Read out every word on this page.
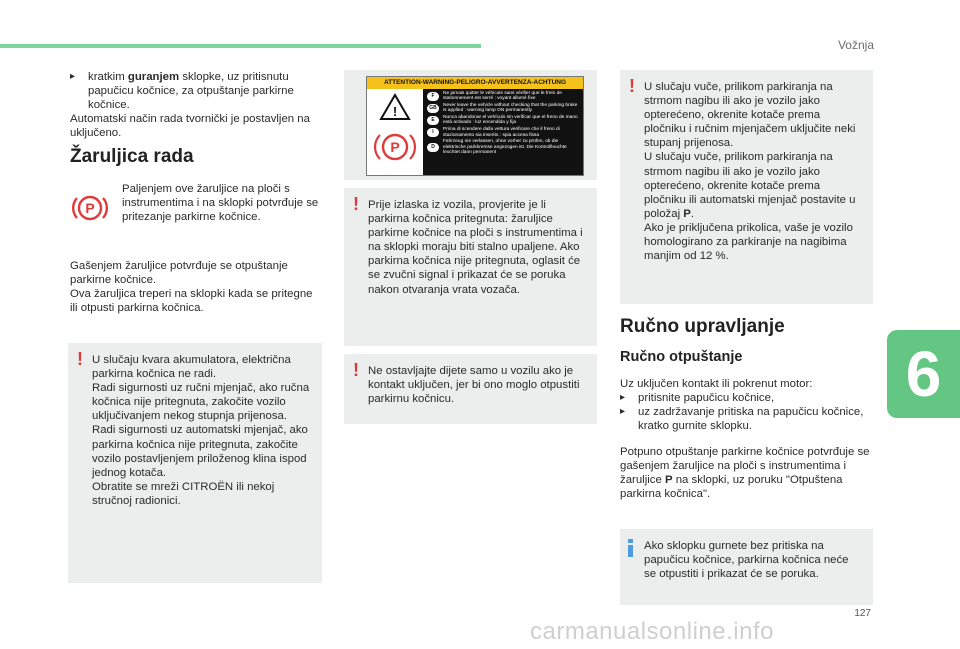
Vožnja
6
127
carmanualsonline.info
▸	kratkim guranjem sklopke, uz pritisnutu papučicu kočnice, za otpuštanje parkirne kočnice.

Automatski način rada tvornički je postavljen na uključeno.

Žaruljica rada
P
Paljenjem ove žaruljice na ploči s instrumentima i na sklopki potvrđuje se pritezanje parkirne kočnice.

Gašenjem žaruljice potvrđuje se otpuštanje parkirne kočnice.

Ova žaruljica treperi na sklopki kada se pritegne ili otpusti parkirna kočnica.

! U slučaju kvara akumulatora, električna parkirna kočnica ne radi.

Radi sigurnosti uz ručni mjenjač, ako ručna kočnica nije pritegnuta, zakočite vozilo uključivanjem nekog stupnja prijenosa.

Radi sigurnosti uz automatski mjenjač, ako parkirna kočnica nije pritegnuta, zakočite vozilo postavljenjem priloženog klina ispod jednog kotača.

Obratite se mreži CITROËN ili nekoj stručnoj radionici.

ATTENTION-WARNING-PELIGRO-AVVERTENZA-ACHTUNG
!
P
F	Ne jamais quitter le véhicule sans vérifier que le frein de stationnement est serré : voyant allumé fixe
GB	Never leave the vehicle without checking that the parking brake is applied : warning lamp ON permanently
E	Nunca abandonar el vehículo sin verificar que el freno de mano está activado : luz encendida y fija
I	Prima di scendere dalla vettura verificare che il freno di stazionamento sia inserito : spia accesa fissa
D
Fahrzeug nie verlassen, ohne vorher zu prüfen, ob die elektrische parkbremse angezogen ist. Die Kontrollleuchte leuchtet dann permanent
! Prije izlaska iz vozila, provjerite je li parkirna kočnica pritegnuta: žaruljice parkirne kočnice na ploči s instrumentima i na sklopki moraju biti stalno upaljene. Ako parkirna kočnica nije pritegnuta, oglasit će se zvučni signal i prikazat će se poruka nakon otvaranja vrata vozača.

! Ne ostavljajte dijete samo u vozilu ako je kontakt uključen, jer bi ono moglo otpustiti parkirnu kočnicu.

! U slučaju vuče, prilikom parkiranja na strmom nagibu ili ako je vozilo jako opterećeno, okrenite kotače prema pločniku i ručnim mjenjačem uključite neki stupanj prijenosa.

U slučaju vuče, prilikom parkiranja na strmom nagibu ili ako je vozilo jako opterećeno, okrenite kotače prema pločniku ili automatski mjenjač postavite u položaj P.

Ako je priključena prikolica, vaše je vozilo homologirano za parkiranje na nagibima manjim od 12 %.

Ručno upravljanje
Ručno otpuštanje

Uz uključen kontakt ili pokrenut motor:

▸	pritisnite papučicu kočnice,

▸	uz zadržavanje pritiska na papučicu kočnice, kratko gurnite sklopku.

Potpuno otpuštanje parkirne kočnice potvrđuje se gašenjem žaruljice na ploči s instrumentima i žaruljice P na sklopki, uz poruku "Otpuštena parkirna kočnica".

Ako sklopku gurnete bez pritiska na papučicu kočnice, parkirna kočnica neće se otpustiti i prikazat će se poruka.
